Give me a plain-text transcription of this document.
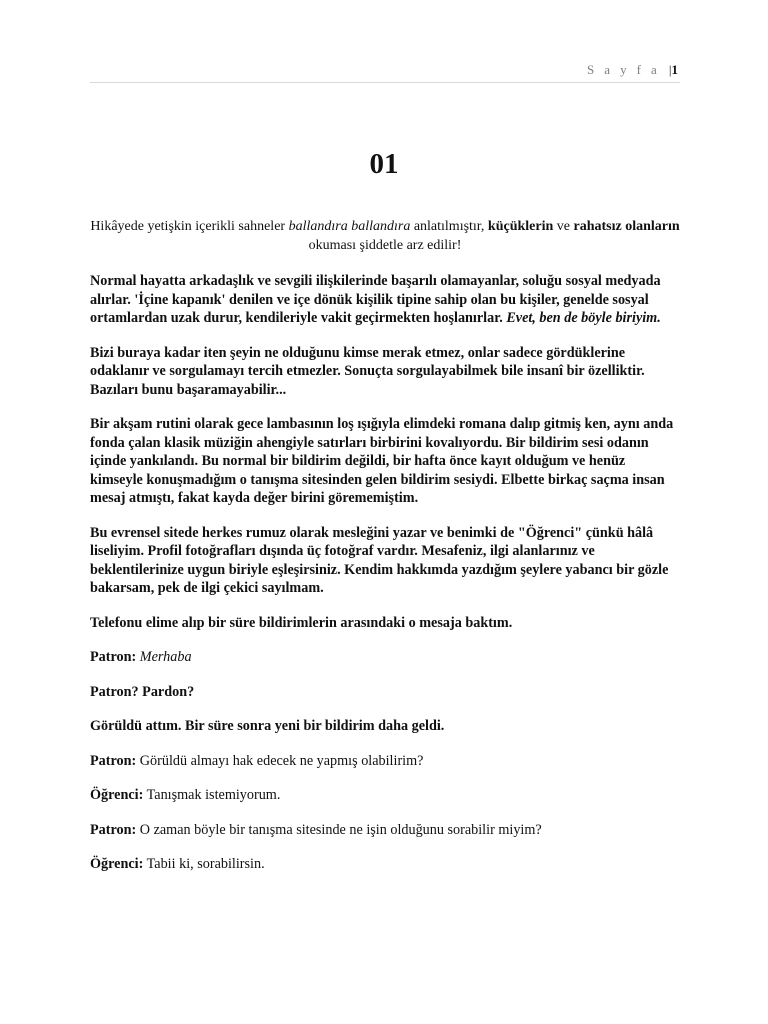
S a y f a |1
01

Hikâyede yetişkin içerikli sahneler ballandıra ballandıra anlatılmıştır, küçüklerin ve rahatsız olanların okuması şiddetle arz edilir!

Normal hayatta arkadaşlık ve sevgili ilişkilerinde başarılı olamayanlar, soluğu sosyal medyada alırlar. 'İçine kapanık' denilen ve içe dönük kişilik tipine sahip olan bu kişiler, genelde sosyal ortamlardan uzak durur, kendileriyle vakit geçirmekten hoşlanırlar. Evet, ben de böyle biriyim.

Bizi buraya kadar iten şeyin ne olduğunu kimse merak etmez, onlar sadece gördüklerine odaklanır ve sorgulamayı tercih etmezler. Sonuçta sorgulayabilmek bile insanî bir özelliktir. Bazıları bunu başaramayabilir...

Bir akşam rutini olarak gece lambasının loş ışığıyla elimdeki romana dalıp gitmiş ken, aynı anda fonda çalan klasik müziğin ahengiyle satırları birbirini kovalıyordu. Bir bildirim sesi odanın içinde yankılandı. Bu normal bir bildirim değildi, bir hafta önce kayıt olduğum ve henüz kimseyle konuşmadığım o tanışma sitesinden gelen bildirim sesiydi. Elbette birkaç saçma insan mesaj atmıştı, fakat kayda değer birini görememiştim.

Bu evrensel sitede herkes rumuz olarak mesleğini yazar ve benimki de "Öğrenci" çünkü hâlâ liseliyim. Profil fotoğrafları dışında üç fotoğraf vardır. Mesafeniz, ilgi alanlarınız ve beklentilerinize uygun biriyle eşleşirsiniz. Kendim hakkımda yazdığım şeylere yabancı bir gözle bakarsam, pek de ilgi çekici sayılmam.

Telefonu elime alıp bir süre bildirimlerin arasındaki o mesaja baktım.

Patron: Merhaba

Patron? Pardon?

Görüldü attım. Bir süre sonra yeni bir bildirim daha geldi.

Patron: Görüldü almayı hak edecek ne yapmış olabilirim?

Öğrenci: Tanışmak istemiyorum.

Patron: O zaman böyle bir tanışma sitesinde ne işin olduğunu sorabilir miyim?

Öğrenci: Tabii ki, sorabilirsin.
